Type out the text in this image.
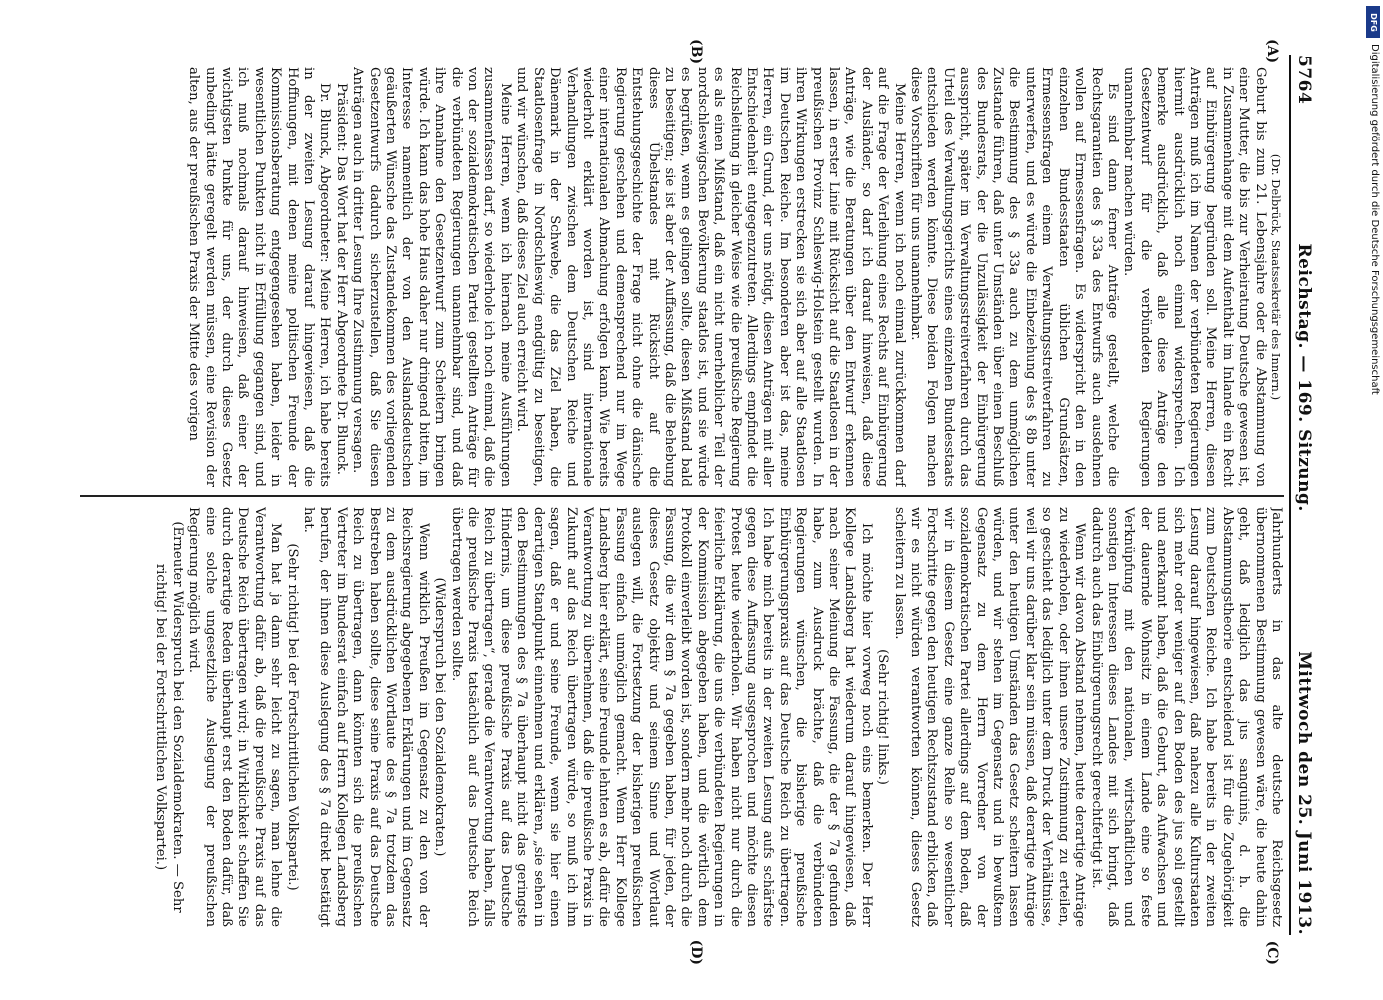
5764
Reichstag. — 169. Sitzung.
Mittwoch den 25. Juni 1913.
(A)
(B)
(C)
(D)

(Dr. Delbrück, Staatssekretär des Innern.)

Geburt bis zum 21. Lebensjahre oder die Abstammung von einer Mutter, die bis zur Verheiratung Deutsche gewesen ist, in Zusammenhange mit dem Aufenthalt im Inlande ein Recht auf Einbürgerung begründen soll. Meine Herren, diesen Anträgen muß ich im Namen der verbündeten Regierungen hiermit ausdrücklich noch einmal widersprechen. Ich bemerke ausdrücklich, daß alle diese Anträge den Gesetzentwurf für die verbündeten Regierungen unannehmbar machen würden.

Es sind dann ferner Anträge gestellt, welche die Rechtsgarantien des § 33a des Entwurfs auch ausdehnen wollen auf Ermessensfragen. Es widerspricht den in den einzelnen Bundesstaaten üblichen Grundsätzen, Ermessensfragen einem Verwaltungsstreitverfahren zu unterwerfen, und es würde die Einbeziehung des § 8b unter die Bestimmung des § 33a auch zu dem unmöglichen Zustande führen, daß unter Umständen über einen Beschluß des Bundesrats, der die Unzulässigkeit der Einbürgerung ausspricht, später im Verwaltungsstreitverfahren durch das Urteil des Verwaltungsgerichts eines einzelnen Bundesstaats entschieden werden könnte. Diese beiden Folgen machen diese Vorschriften für uns unannehmbar.

Meine Herren, wenn ich noch einmal zurückkommen darf auf die Frage der Verleihung eines Rechts auf Einbürgerung der Ausländer, so darf ich darauf hinweisen, daß diese Anträge, wie die Beratungen über den Entwurf erkennen lassen, in erster Linie mit Rücksicht auf die Staatlosen in der preußischen Provinz Schleswig-Holstein gestellt wurden. In ihren Wirkungen erstrecken sie sich aber auf alle Staatlosen im Deutschen Reiche. Im besonderen aber ist das, meine Herren, ein Grund, der uns nötigt, diesen Anträgen mit aller Entschiedenheit entgegenzutreten. Allerdings empfindet die Reichsleitung in gleicher Weise wie die preußische Regierung es als einen Mißstand, daß ein nicht unerheblicher Teil der nordschleswigschen Bevölkerung staatlos ist, und sie würde es begrüßen, wenn es gelingen sollte, diesen Mißstand bald zu beseitigen; sie ist aber der Auffassung, daß die Behebung dieses Übelstandes mit Rücksicht auf die Entstehungsgeschichte der Frage nicht ohne die dänische Regierung geschehen und demensprechend nur im Wege einer internationalen Abmachung erfolgen kann. Wie bereits wiederholt erklärt worden ist, sind internationale Verhandlungen zwischen dem Deutschen Reiche und Dänemark in der Schwebe, die das Ziel haben, die Staatlosenfrage in Nordschleswig endgültig zu beseitigen, und wir wünschen, daß dieses Ziel auch erreicht wird.

Meine Herren, wenn ich hiernach meine Ausführungen zusammenfassen darf, so wiederhole ich noch einmal, daß die von der sozialdemokratischen Partei gestellten Anträge für die verbündeten Regierungen unannehmbar sind, und daß ihre Annahme den Gesetzentwurf zum Scheitern bringen würde. Ich kann das hohe Haus daher nur dringend bitten, im Interesse namentlich der von den Auslandsdeutschen geäußerten Wünsche das Zustandekommen des vorliegenden Gesetzentwurfs dadurch sicherzustellen, daß Sie diesen Anträgen auch in dritter Lesung Ihre Zustimmung versagen.

Präsident: Das Wort hat der Herr Abgeordnete Dr. Blunck.

Dr. Blunck, Abgeordneter: Meine Herren, ich habe bereits in der zweiten Lesung darauf hingewiesen, daß die Hoffnungen, mit denen meine politischen Freunde der Kommissionsberatung entgegengesehen haben, leider in wesentlichen Punkten nicht in Erfüllung gegangen sind, und ich muß nochmals darauf hinweisen, daß einer der wichtigsten Punkte für uns, der durch dieses Gesetz unbedingt hätte geregelt werden müssen, eine Revision der alten, aus der preußischen Praxis der Mitte des vorigen

Jahrhunderts in das alte deutsche Reichsgesetz übernommenen Bestimmung gewesen wäre, die heute dahin geht, daß lediglich das jus sanguinis, d. h. die Abstammungstheorie entscheidend ist für die Zugehörigkeit zum Deutschen Reiche. Ich habe bereits in der zweiten Lesung darauf hingewiesen, daß nahezu alle Kulturstaaten sich mehr oder weniger auf den Boden des jus soli gestellt und anerkannt haben, daß die Geburt, das Aufwachsen und der dauernde Wohnsitz in einem Lande eine so feste Verknüpfung mit den nationalen, wirtschaftlichen und sonstigen Interessen dieses Landes mit sich bringt, daß dadurch auch das Einbürgerungsrecht gerechtfertigt ist.

Wenn wir davon Abstand nehmen, heute derartige Anträge zu wiederholen, oder ihnen unsere Zustimmung zu erteilen, so geschieht das lediglich unter dem Druck der Verhältnisse, weil wir uns darüber klar sein müssen, daß derartige Anträge unter den heutigen Umständen das Gesetz scheitern lassen würden, und wir stehen im Gegensatz und in bewußtem Gegensatz zu dem Herrn Vorredner von der sozialdemokratischen Partei allerdings auf dem Boden, daß wir in diesem Gesetz eine ganze Reihe so wesentlicher Fortschritte gegen den heutigen Rechtszustand erblicken, daß wir es nicht würden verantworten können, dieses Gesetz scheitern zu lassen.

(Sehr richtig! links.)

Ich möchte hier vorweg noch eins bemerken. Der Herr Kollege Landsberg hat wiederum darauf hingewiesen, daß nach seiner Meinung die Fassung, die der § 7a gefunden habe, zum Ausdruck brächte, daß die verbündeten Regierungen wünschen, die bisherige preußische Einbürgerungspraxis auf das Deutsche Reich zu übertragen. Ich habe mich bereits in der zweiten Lesung aufs schärfste gegen diese Auffassung ausgesprochen und möchte diesen Protest heute wiederholen. Wir haben nicht nur durch die feierliche Erklärung, die uns die verbündeten Regierungen in der Kommission abgegeben haben, und die wörtlich dem Protokoll einverleibt worden ist, sondern mehr noch durch die Fassung, die wir dem § 7a gegeben haben, für jeden, der dieses Gesetz objektiv und seinem Sinne und Wortlaut auslegen will, die Fortsetzung der bisherigen preußischen Fassung einfach unmöglich gemacht. Wenn Herr Kollege Landsberg hier erklärt, seine Freunde lehnten es ab, dafür die Verantwortung zu übernehmen, daß die preußische Praxis in Zukunft auf das Reich übertragen würde, so muß ich ihm sagen, daß er und seine Freunde, wenn sie hier einen derartigen Standpunkt einnehmen und erklären, „sie sehen in den Bestimmungen des § 7a überhaupt nicht das geringste Hindernis, um diese preußische Praxis auf das Deutsche Reich zu übertragen“, gerade die Verantwortung haben, falls die preußische Praxis tatsächlich auf das Deutsche Reich übertragen werden sollte.

(Widerspruch bei den Sozialdemokraten.)

Wenn wirklich Preußen im Gegensatz zu den von der Reichsregierung abgegebenen Erklärungen und im Gegensatz zu dem ausdrücklichen Wortlaute des § 7a trotzdem das Bestreben haben sollte, diese seine Praxis auf das Deutsche Reich zu übertragen, dann könnten sich die preußischen Vertreter im Bundesrat einfach auf Herrn Kollegen Landsberg berufen, der ihnen diese Auslegung des § 7a direkt bestätigt hat.

(Sehr richtig! bei der Fortschrittlichen Volkspartei.)

Man hat ja dann sehr leicht zu sagen, man lehne die Verantwortung dafür ab, daß die preußische Praxis auf das Deutsche Reich übertragen wird; in Wirklichkeit schaffen Sie durch derartige Reden überhaupt erst den Boden dafür, daß eine solche ungesetzliche Auslegung der preußischen Regierung möglich wird.

(Erneuter Widerspruch bei den Sozialdemokraten. — Sehr richtig! bei der Fortschrittlichen Volkspartei.)

DFG
Digitalisierung gefördert durch die Deutsche Forschungsgemeinschaft
